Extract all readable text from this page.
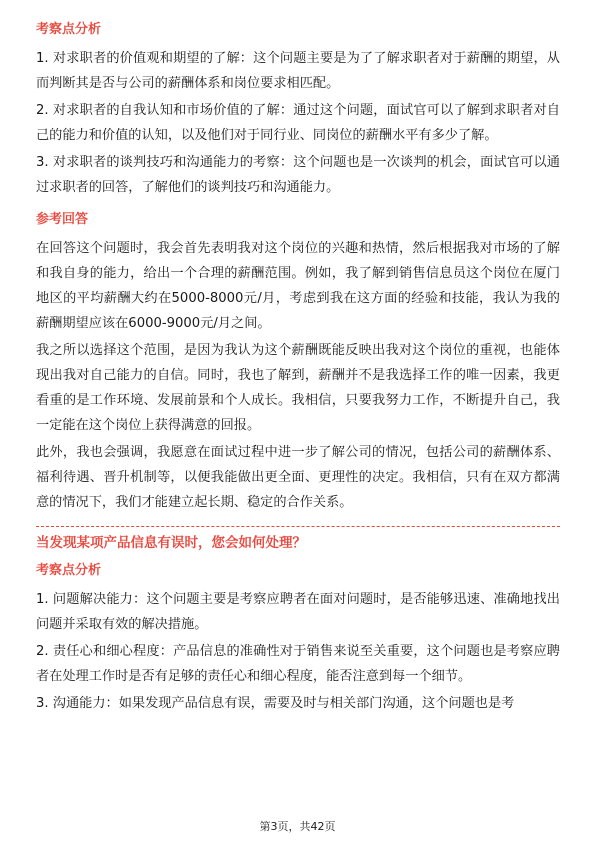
考察点分析
1. 对求职者的价值观和期望的了解：这个问题主要是为了了解求职者对于薪酬的期望，从而判断其是否与公司的薪酬体系和岗位要求相匹配。
2. 对求职者的自我认知和市场价值的了解：通过这个问题，面试官可以了解到求职者对自己的能力和价值的认知，以及他们对于同行业、同岗位的薪酬水平有多少了解。
3. 对求职者的谈判技巧和沟通能力的考察：这个问题也是一次谈判的机会，面试官可以通过求职者的回答，了解他们的谈判技巧和沟通能力。
参考回答
在回答这个问题时，我会首先表明我对这个岗位的兴趣和热情，然后根据我对市场的了解和我自身的能力，给出一个合理的薪酬范围。例如，我了解到销售信息员这个岗位在厦门地区的平均薪酬大约在5000-8000元/月，考虑到我在这方面的经验和技能，我认为我的薪酬期望应该在6000-9000元/月之间。
我之所以选择这个范围，是因为我认为这个薪酬既能反映出我对这个岗位的重视，也能体现出我对自己能力的自信。同时，我也了解到，薪酬并不是我选择工作的唯一因素，我更看重的是工作环境、发展前景和个人成长。我相信，只要我努力工作，不断提升自己，我一定能在这个岗位上获得满意的回报。
此外，我也会强调，我愿意在面试过程中进一步了解公司的情况，包括公司的薪酬体系、福利待遇、晋升机制等，以便我能做出更全面、更理性的决定。我相信，只有在双方都满意的情况下，我们才能建立起长期、稳定的合作关系。
当发现某项产品信息有误时，您会如何处理？
考察点分析
1. 问题解决能力：这个问题主要是考察应聘者在面对问题时，是否能够迅速、准确地找出问题并采取有效的解决措施。
2. 责任心和细心程度：产品信息的准确性对于销售来说至关重要，这个问题也是考察应聘者在处理工作时是否有足够的责任心和细心程度，能否注意到每一个细节。
3. 沟通能力：如果发现产品信息有误，需要及时与相关部门沟通，这个问题也是考
第3页，共42页
